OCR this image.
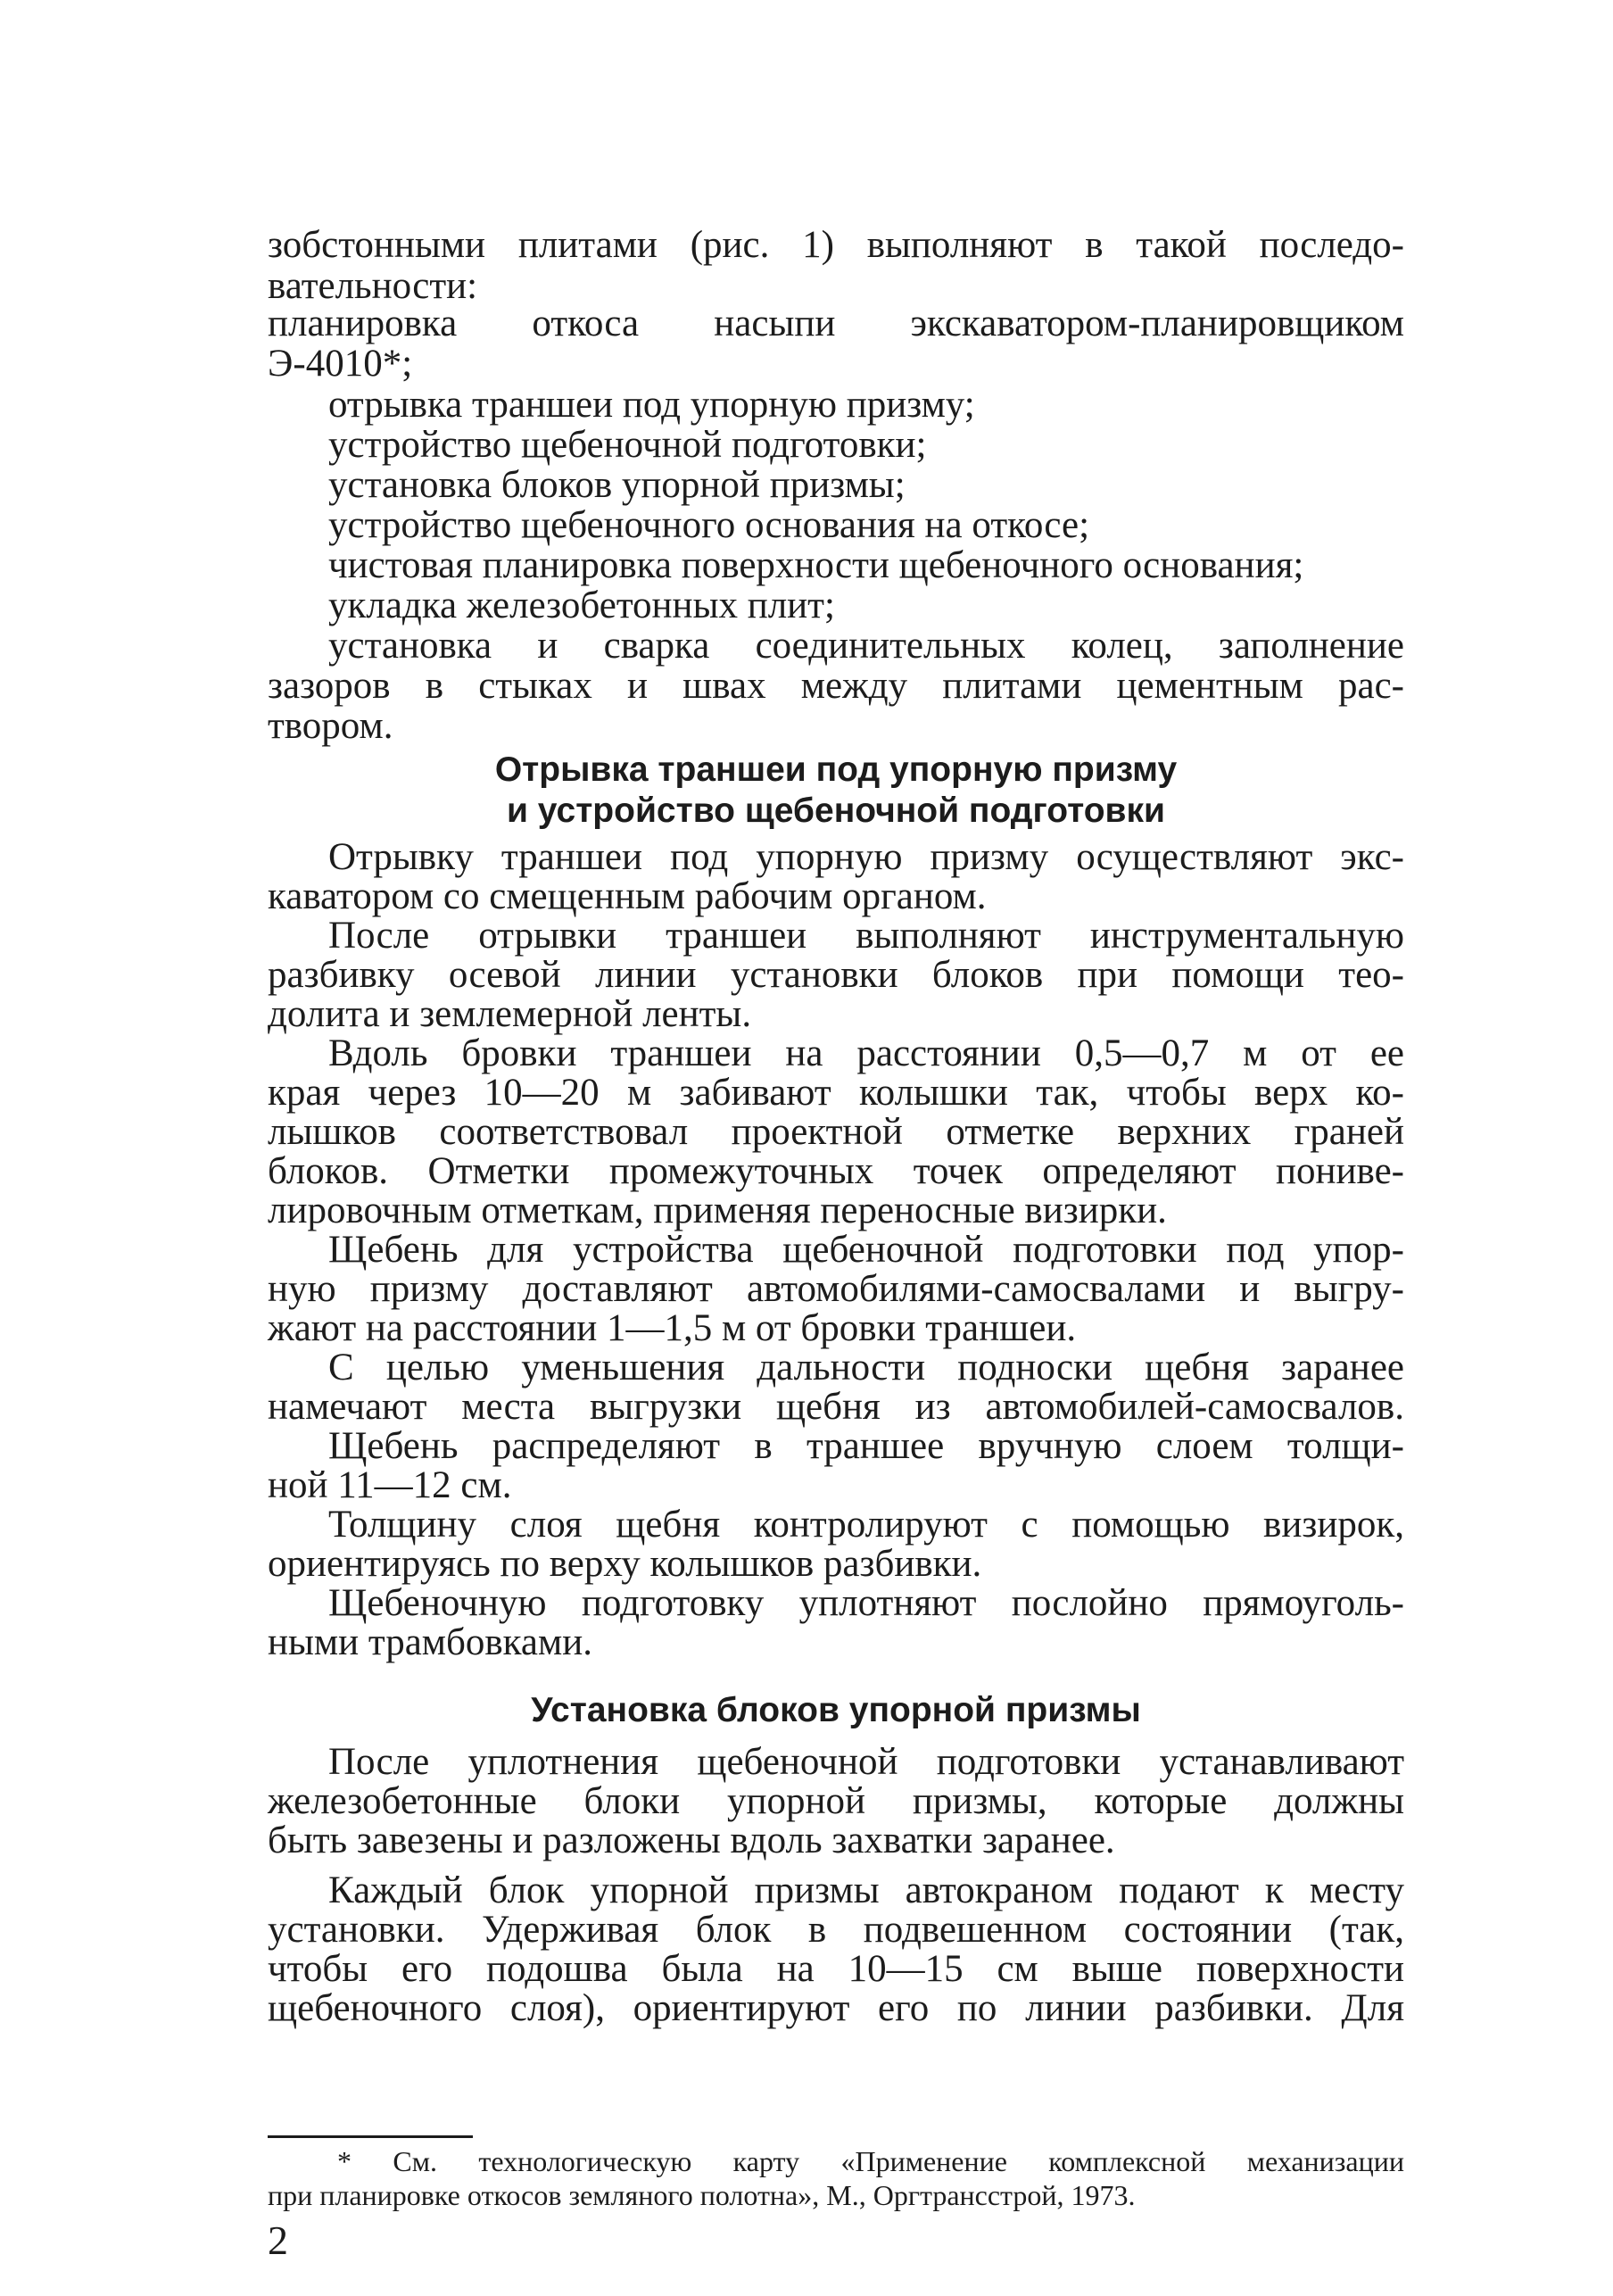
зобстонными плитами (рис. 1) выполняют в такой последо-
вательности:
планировка откоса насыпи экскаватором-планировщиком
Э-4010*;
отрывка траншеи под упорную призму;
устройство щебеночной подготовки;
установка блоков упорной призмы;
устройство щебеночного основания на откосе;
чистовая планировка поверхности щебеночного основания;
укладка железобетонных плит;
установка и сварка соединительных колец, заполнение
зазоров в стыках и швах между плитами цементным рас-
твором.
Отрывка траншеи под упорную призму
и устройство щебеночной подготовки
Отрывку траншеи под упорную призму осуществляют экс-
каватором со смещенным рабочим органом.
После отрывки траншеи выполняют инструментальную
разбивку осевой линии установки блоков при помощи тео-
долита и землемерной ленты.
Вдоль бровки траншеи на расстоянии 0,5—0,7 м от ее
края через 10—20 м забивают колышки так, чтобы верх ко-
лышков соответствовал проектной отметке верхних граней
блоков. Отметки промежуточных точек определяют пониве-
лировочным отметкам, применяя переносные визирки.
Щебень для устройства щебеночной подготовки под упор-
ную призму доставляют автомобилями-самосвалами и выгру-
жают на расстоянии 1—1,5 м от бровки траншеи.
С целью уменьшения дальности подноски щебня заранее
намечают места выгрузки щебня из автомобилей-самосвалов.
Щебень распределяют в траншее вручную слоем толщи-
ной 11—12 см.
Толщину слоя щебня контролируют с помощью визирок,
ориентируясь по верху колышков разбивки.
Щебеночную подготовку уплотняют послойно прямоуголь-
ными трамбовками.
Установка блоков упорной призмы
После уплотнения щебеночной подготовки устанавливают
железобетонные блоки упорной призмы, которые должны
быть завезены и разложены вдоль захватки заранее.
Каждый блок упорной призмы автокраном подают к месту
установки. Удерживая блок в подвешенном состоянии (так,
чтобы его подошва была на 10—15 см выше поверхности
щебеночного слоя), ориентируют его по линии разбивки. Для
* См. технологическую карту «Применение комплексной механизации
при планировке откосов земляного полотна», М., Оргтрансстрой, 1973.
2
